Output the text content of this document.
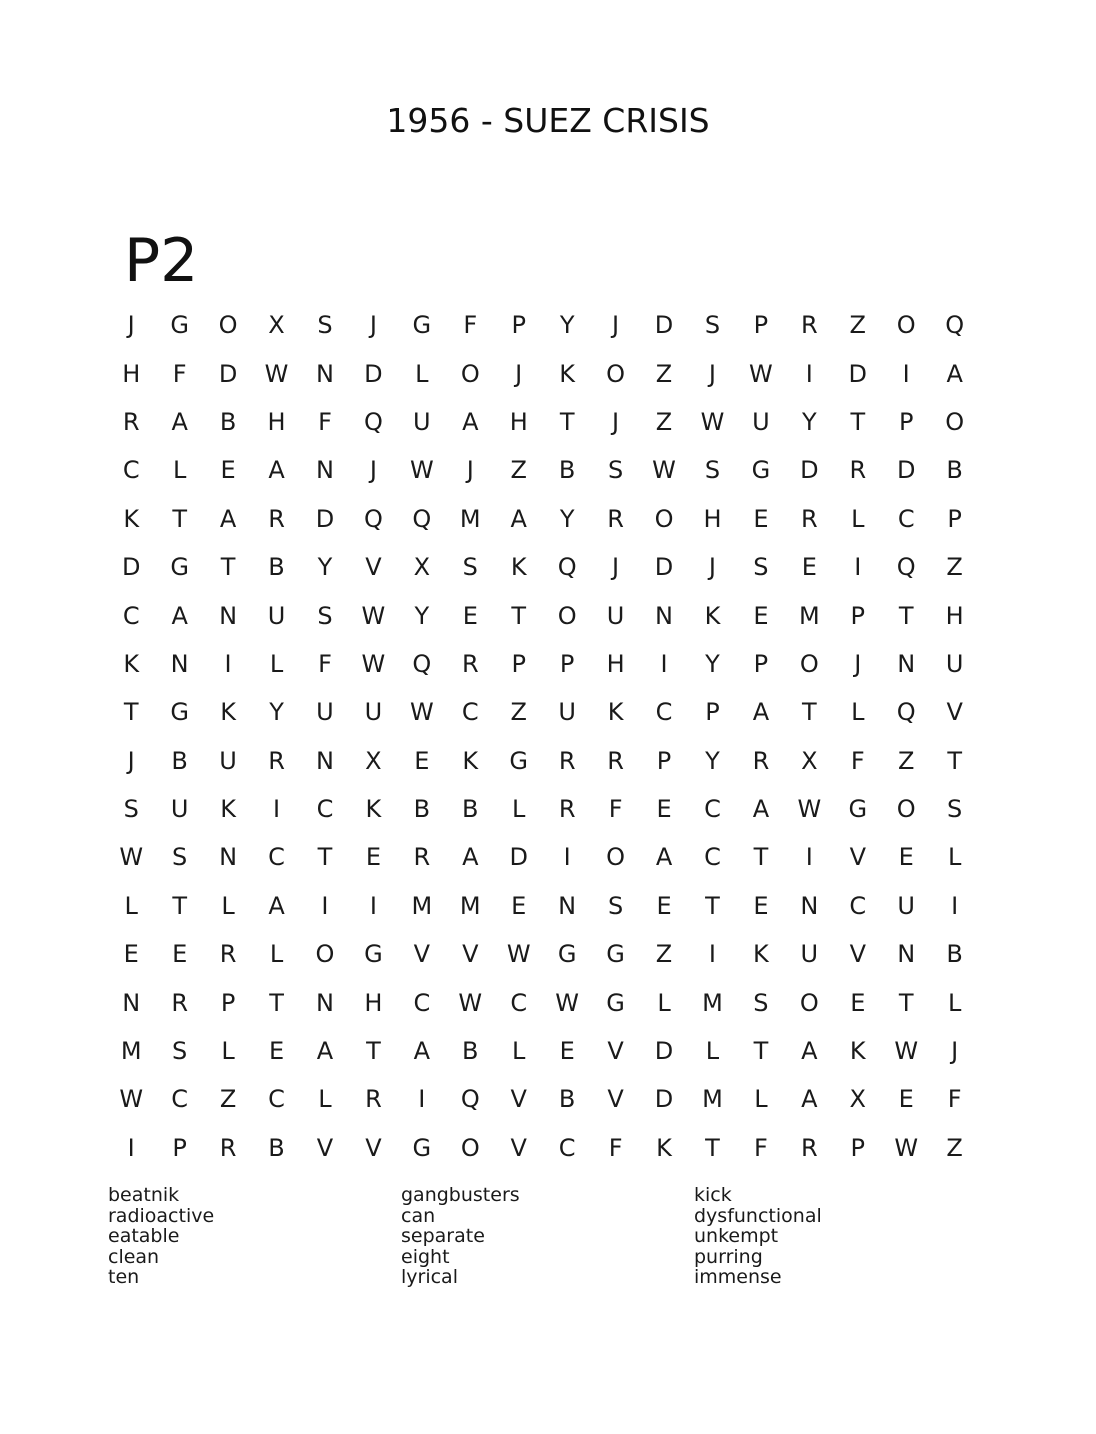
1956 - SUEZ CRISIS
P2
J	G	O	X	S	J	G	F	P	Y	J	D	S	P	R	Z	O	Q
H	F	D	W	N	D	L	O	J	K	O	Z	J	W	I	D	I	A
R	A	B	H	F	Q	U	A	H	T	J	Z	W	U	Y	T	P	O
C	L	E	A	N	J	W	J	Z	B	S	W	S	G	D	R	D	B
K	T	A	R	D	Q	Q	M	A	Y	R	O	H	E	R	L	C	P
D	G	T	B	Y	V	X	S	K	Q	J	D	J	S	E	I	Q	Z
C	A	N	U	S	W	Y	E	T	O	U	N	K	E	M	P	T	H
K	N	I	L	F	W	Q	R	P	P	H	I	Y	P	O	J	N	U
T	G	K	Y	U	U	W	C	Z	U	K	C	P	A	T	L	Q	V
J	B	U	R	N	X	E	K	G	R	R	P	Y	R	X	F	Z	T
S	U	K	I	C	K	B	B	L	R	F	E	C	A	W	G	O	S
W	S	N	C	T	E	R	A	D	I	O	A	C	T	I	V	E	L
L	T	L	A	I	I	M	M	E	N	S	E	T	E	N	C	U	I
E	E	R	L	O	G	V	V	W	G	G	Z	I	K	U	V	N	B
N	R	P	T	N	H	C	W	C	W	G	L	M	S	O	E	T	L
M	S	L	E	A	T	A	B	L	E	V	D	L	T	A	K	W	J
W	C	Z	C	L	R	I	Q	V	B	V	D	M	L	A	X	E	F
I	P	R	B	V	V	G	O	V	C	F	K	T	F	R	P	W	Z
beatnik
radioactive
eatable
clean
ten
gangbusters
can
separate
eight
lyrical
kick
dysfunctional
unkempt
purring
immense
